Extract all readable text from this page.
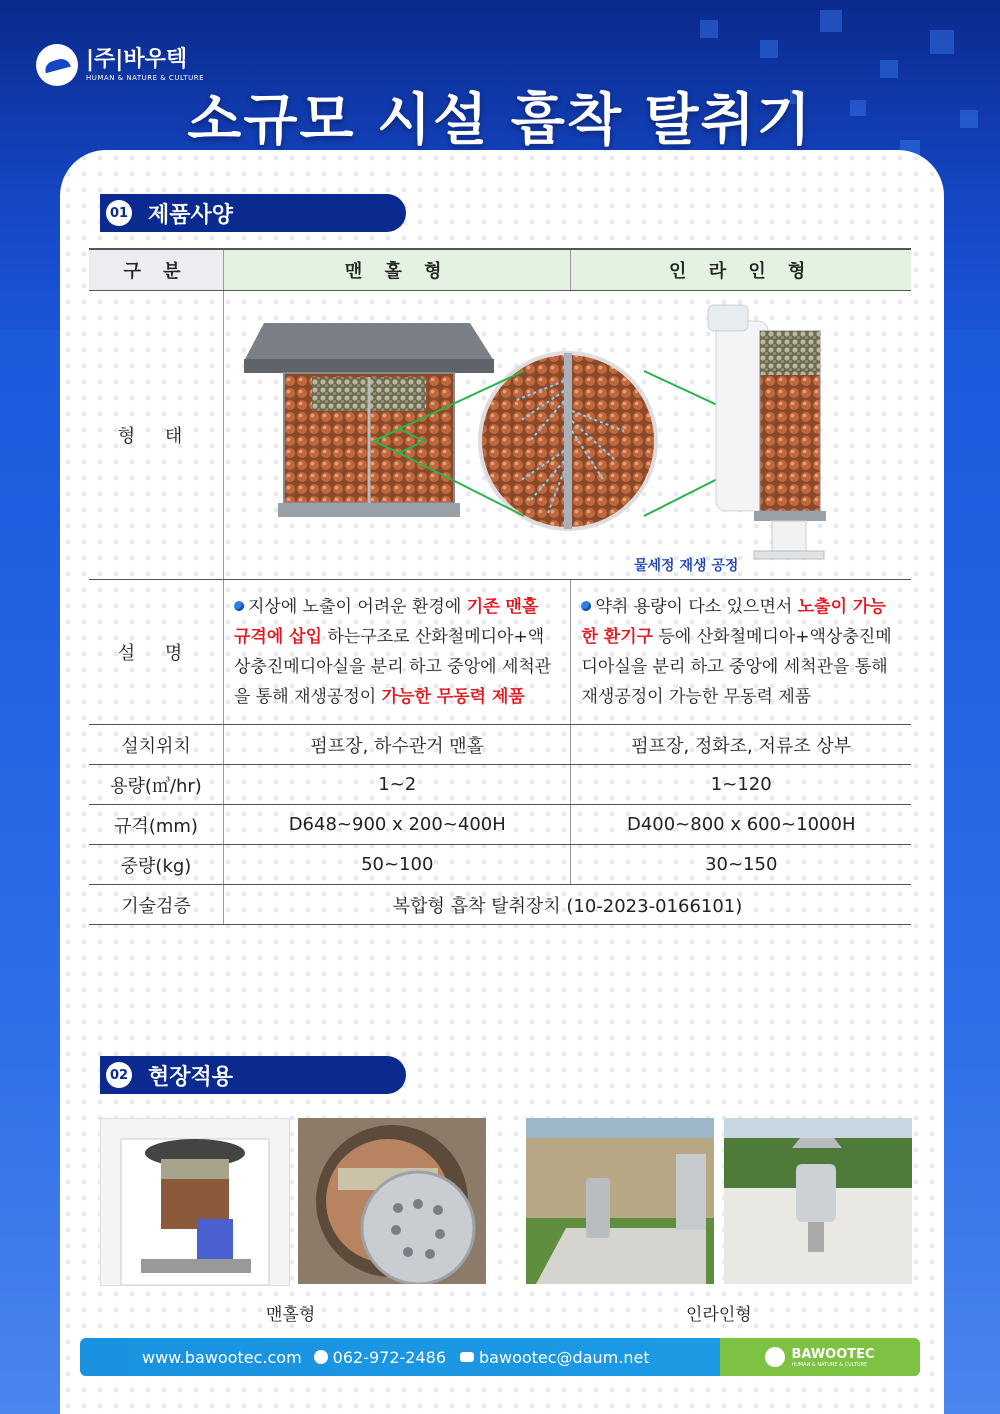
|주|바우텍
HUMAN & NATURE & CULTURE
소규모 시설 흡착 탈취기
01 제품사양
구 분	맨 홀 형	인 라 인 형
형 태	물세정 재생 공정	

설 명	지상에 노출이 어려운 환경에 기존 맨홀 규격에 삽입 하는구조로 산화철메디아+액상충진메디아실을 분리 하고 중앙에 세척관을 통해 재생공정이 가능한 무동력 제품	약취 용량이 다소 있으면서 노출이 가능한 환기구 등에 산화철메디아+액상충진메디아실을 분리 하고 중앙에 세척관을 통해 재생공정이 가능한 무동력 제품
설치위치	펌프장, 하수관거 맨홀	펌프장, 정화조, 저류조 상부
용량(㎥/hr)	1~2	1~120
규격(mm)	D648~900 x 200~400H	D400~800 x 600~1000H
중량(kg)	50~100	30~150
기술검증	복합형 흡착 탈취장치 (10-2023-0166101)	
02 현장적용
맨홀형	인라인형
www.bawootec.com 062-972-2486 bawootec@daum.net	BAWOOTEC
HUMAN & NATURE & CULTURE
